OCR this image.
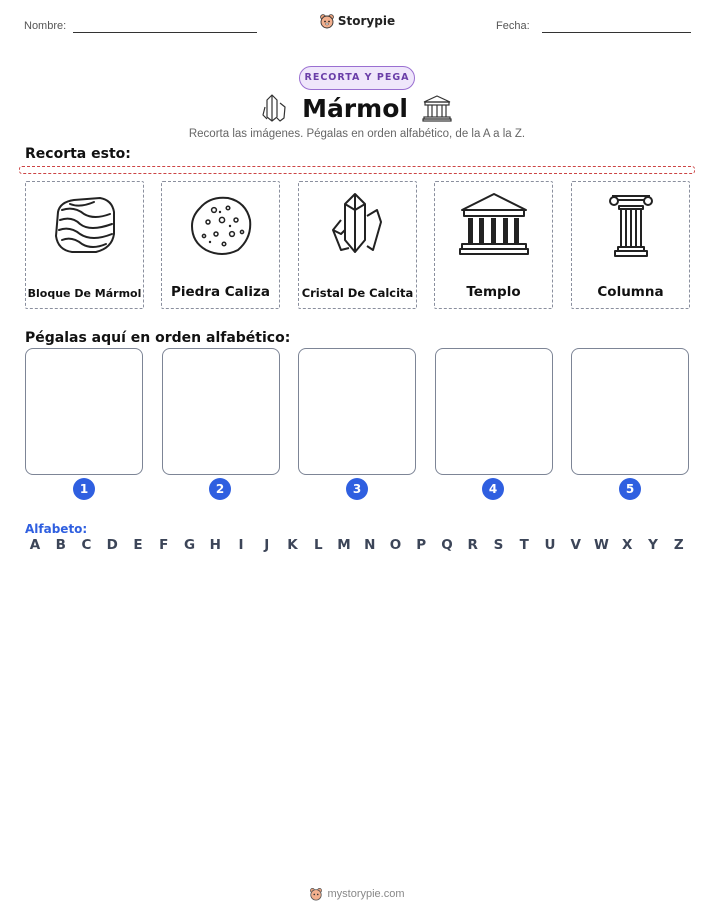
Nombre:	Storypie	Fecha:
RECORTA Y PEGA
Mármol
Recorta las imágenes. Pégalas en orden alfabético, de la A a la Z.
Recorta esto:
Bloque De Mármol	Piedra Caliza	Cristal De Calcita	Templo	Columna
Pégalas aquí en orden alfabético:
1	2	3	4	5
Alfabeto:
A	B	C	D	E	F	G	H	I	J	K	L	M N	O	P	Q	R	S	T	U	V W X	Y	Z
mystorypie.com
